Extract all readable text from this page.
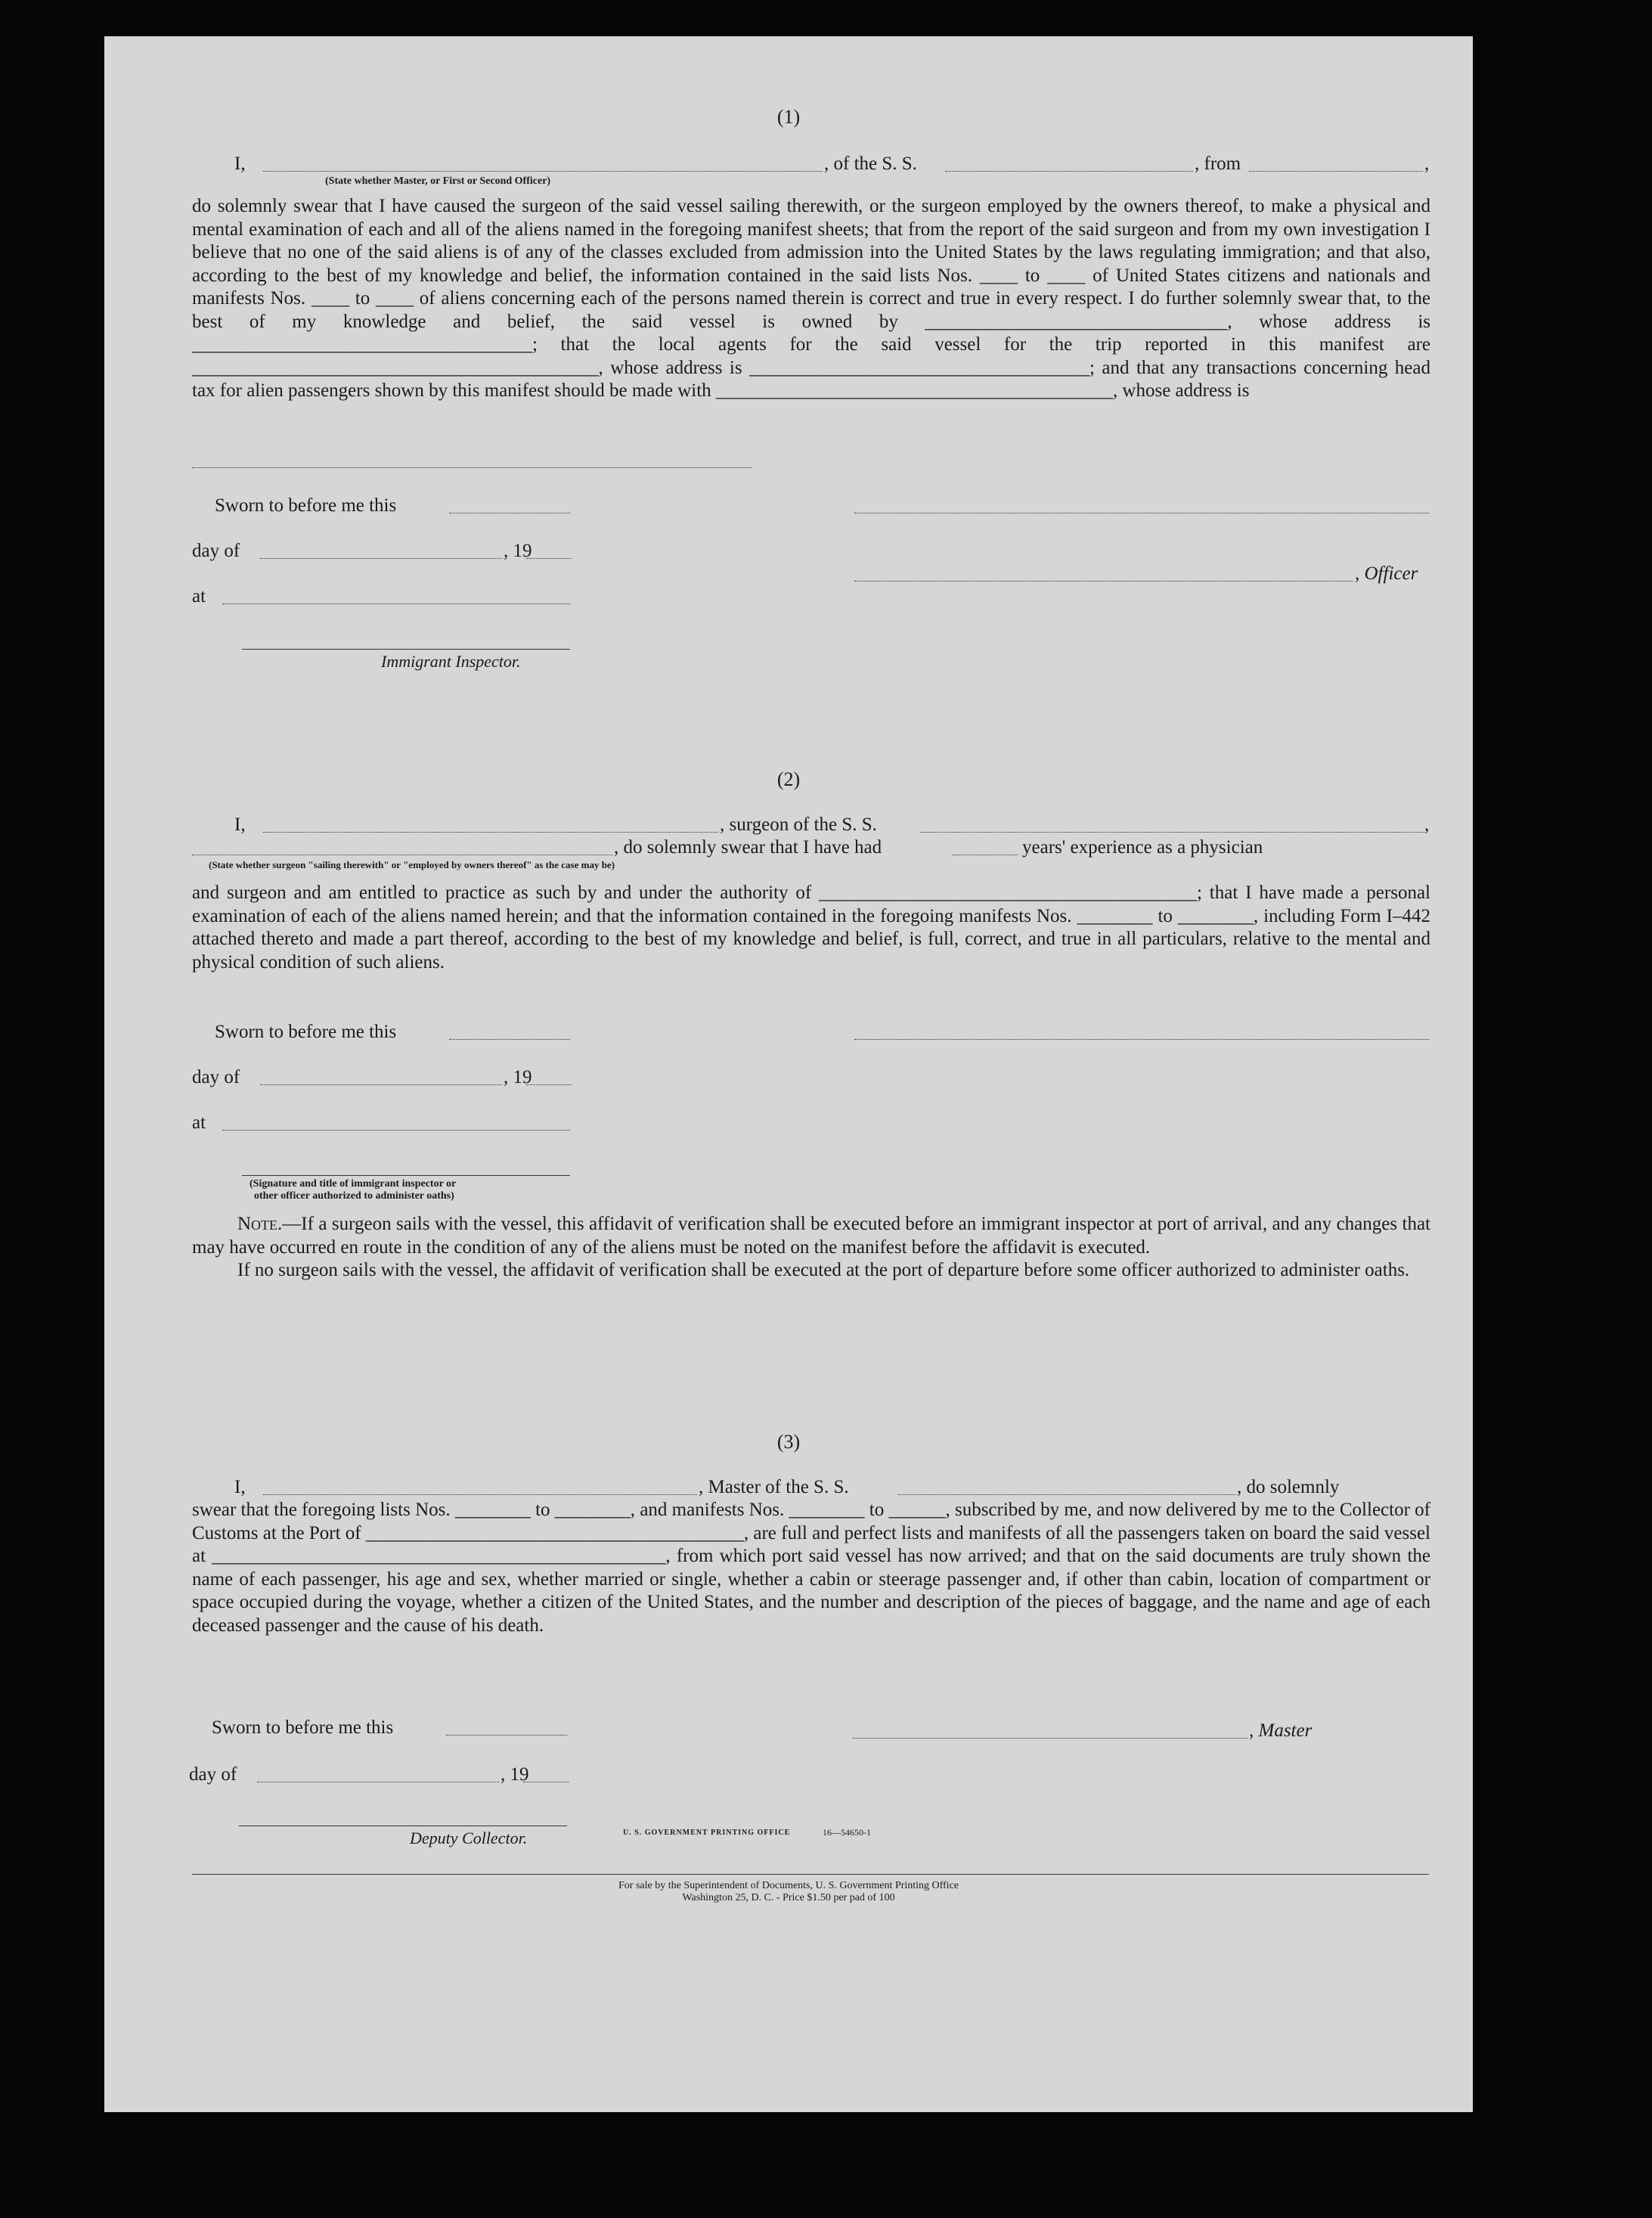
(1)
I,	, of the S. S.	, from	,
(State whether Master, or First or Second Officer)

do solemnly swear that I have caused the surgeon of the said vessel sailing therewith, or the surgeon employed by the owners thereof, to make a physical and mental examination of each and all of the aliens named in the foregoing manifest sheets; that from the report of the said surgeon and from my own investigation I believe that no one of the said aliens is of any of the classes excluded from admission into the United States by the laws regulating immigration; and that also, according to the best of my knowledge and belief, the information contained in the said lists Nos. ____ to ____ of United States citizens and nationals and manifests Nos. ____ to ____ of aliens concerning each of the persons named therein is correct and true in every respect. I do further solemnly swear that, to the best of my knowledge and belief, the said vessel is owned by ________________________________, whose address is ____________________________________; that the local agents for the said vessel for the trip reported in this manifest are ___________________________________________, whose address is ____________________________________; and that any transactions concerning head tax for alien passengers shown by this manifest should be made with __________________________________________, whose address is

Sworn to before me this
day of	, 19
, Officer
at
Immigrant Inspector.
(2)
I,	, surgeon of the S. S.	,
, do solemnly swear that I have had	years' experience as a physician
(State whether surgeon "sailing therewith" or "employed by owners thereof" as the case may be)

and surgeon and am entitled to practice as such by and under the authority of ________________________________________; that I have made a personal examination of each of the aliens named herein; and that the information contained in the foregoing manifests Nos. ________ to ________, including Form I–442 attached thereto and made a part thereof, according to the best of my knowledge and belief, is full, correct, and true in all particulars, relative to the mental and physical condition of such aliens.

Sworn to before me this
day of	, 19
at
(Signature and title of immigrant inspector or
other officer authorized to administer oaths)

Note.—If a surgeon sails with the vessel, this affidavit of verification shall be executed before an immigrant inspector at port of arrival, and any changes that may have occurred en route in the condition of any of the aliens must be noted on the manifest before the affidavit is executed.

If no surgeon sails with the vessel, the affidavit of verification shall be executed at the port of departure before some officer authorized to administer oaths.

(3)
I,	, Master of the S. S.	, do solemnly

swear that the foregoing lists Nos. ________ to ________, and manifests Nos. ________ to ______, subscribed by me, and now delivered by me to the Collector of Customs at the Port of ________________________________________, are full and perfect lists and manifests of all the passengers taken on board the said vessel at ________________________________________________, from which port said vessel has now arrived; and that on the said documents are truly shown the name of each passenger, his age and sex, whether married or single, whether a cabin or steerage passenger and, if other than cabin, location of compartment or space occupied during the voyage, whether a citizen of the United States, and the number and description of the pieces of baggage, and the name and age of each deceased passenger and the cause of his death.

Sworn to before me this	, Master
day of	, 19
Deputy Collector.	U. S. GOVERNMENT PRINTING OFFICE	16—54650-1
For sale by the Superintendent of Documents, U. S. Government Printing Office
Washington 25, D. C. - Price $1.50 per pad of 100
